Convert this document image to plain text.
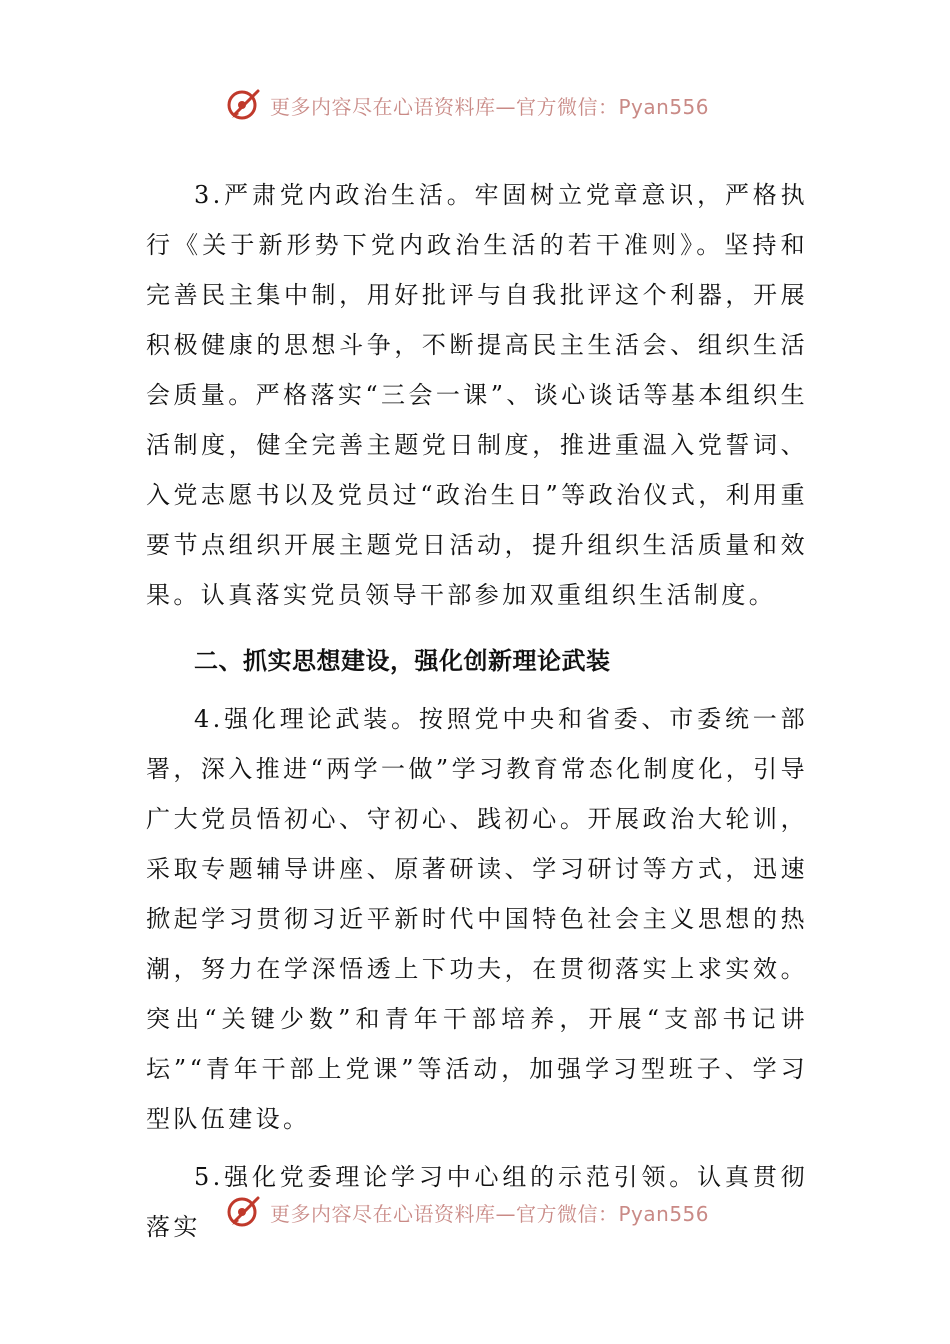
更多内容尽在心语资料库—官方微信：Pyan556

3.严肃党内政治生活。牢固树立党章意识，严格执行《关于新形势下党内政治生活的若干准则》。坚持和完善民主集中制，用好批评与自我批评这个利器，开展积极健康的思想斗争，不断提高民主生活会、组织生活会质量。严格落实“三会一课”、谈心谈话等基本组织生活制度，健全完善主题党日制度，推进重温入党誓词、入党志愿书以及党员过“政治生日”等政治仪式，利用重要节点组织开展主题党日活动，提升组织生活质量和效果。认真落实党员领导干部参加双重组织生活制度。

二、抓实思想建设，强化创新理论武装

4.强化理论武装。按照党中央和省委、市委统一部署，深入推进“两学一做”学习教育常态化制度化，引导广大党员悟初心、守初心、践初心。开展政治大轮训，采取专题辅导讲座、原著研读、学习研讨等方式，迅速掀起学习贯彻习近平新时代中国特色社会主义思想的热潮，努力在学深悟透上下功夫，在贯彻落实上求实效。突出“关键少数”和青年干部培养，开展“支部书记讲坛”“青年干部上党课”等活动，加强学习型班子、学习型队伍建设。

5.强化党委理论学习中心组的示范引领。认真贯彻落实	更多内容尽在心语资料库—官方微信：Pyan556
